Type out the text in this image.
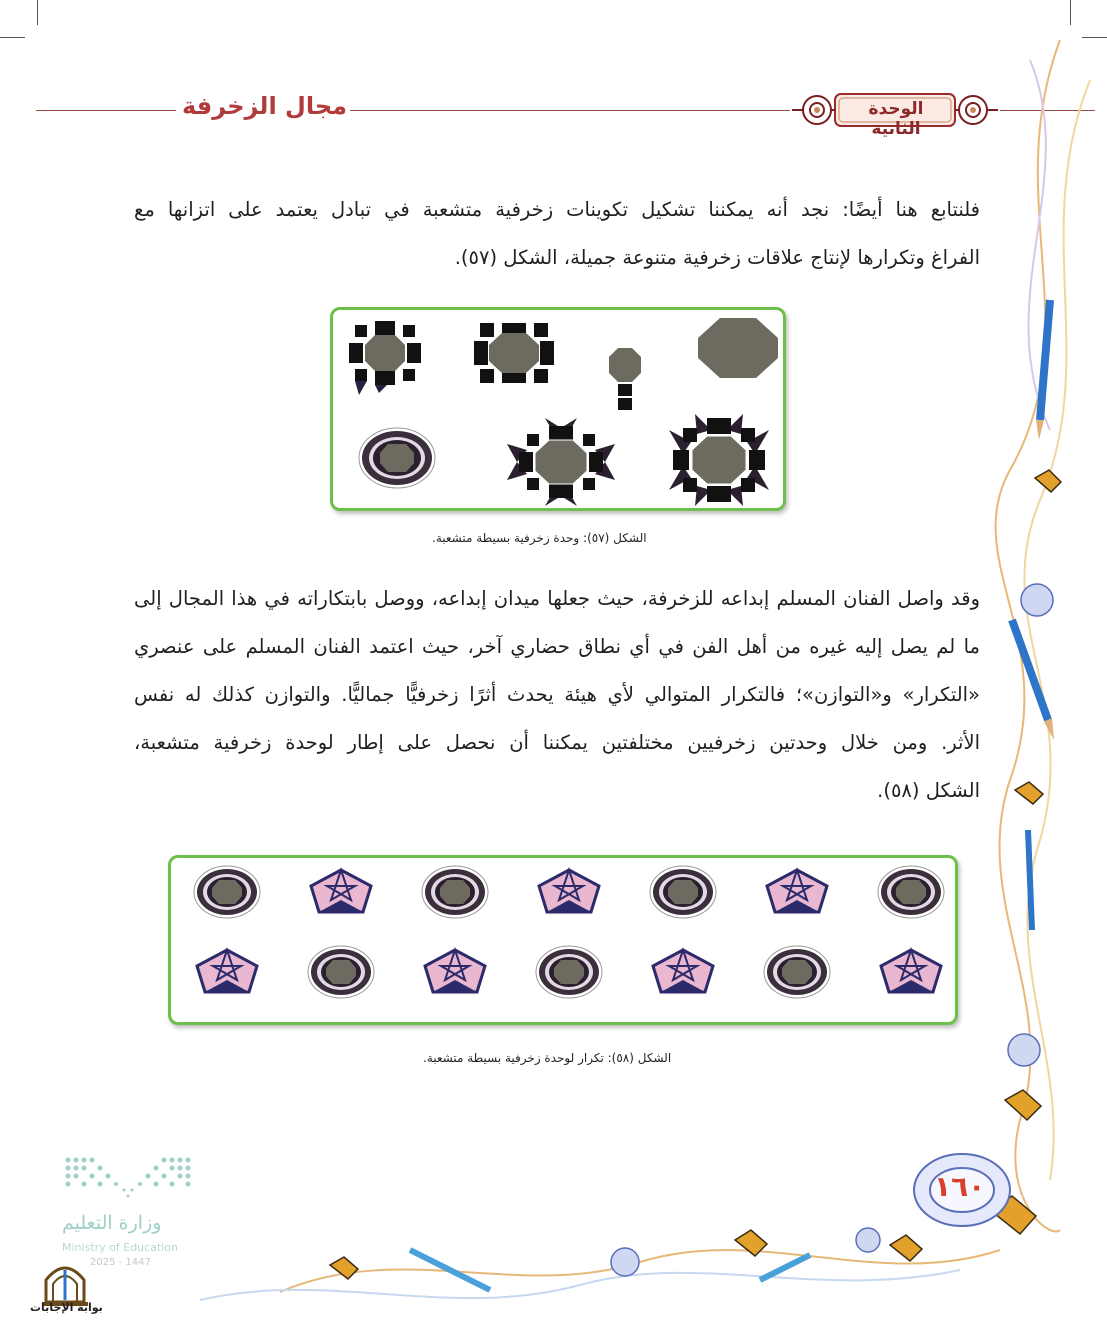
مجال الزخرفة	الوحدة الثانية
فلنتابع هنا أيضًا: نجد أنه يمكننا تشكيل تكوينات زخرفية متشعبة في تبادل يعتمد على اتزانها مع
الفراغ وتكرارها لإنتاج علاقات زخرفية متنوعة جميلة، الشكل (٥٧).
الشكل (٥٧): وحدة زخرفية بسيطة متشعبة.
وقد واصل الفنان المسلم إبداعه للزخرفة، حيث جعلها ميدان إبداعه، ووصل بابتكاراته في هذا المجال إلى
ما لم يصل إليه غيره من أهل الفن في أي نطاق حضاري آخر، حيث اعتمد الفنان المسلم على عنصري
«التكرار» و«التوازن»؛ فالتكرار المتوالي لأي هيئة يحدث أثرًا زخرفيًّا جماليًّا. والتوازن كذلك له نفس
الأثر. ومن خلال وحدتين زخرفيين مختلفتين يمكننا أن نحصل على إطار لوحدة زخرفية متشعبة،
الشكل (٥٨).
الشكل (٥٨): تكرار لوحدة زخرفية بسيطة متشعبة.
١٦٠
وزارة التعليم
Ministry of Education
2025 - 1447
بوابة الإجابات
